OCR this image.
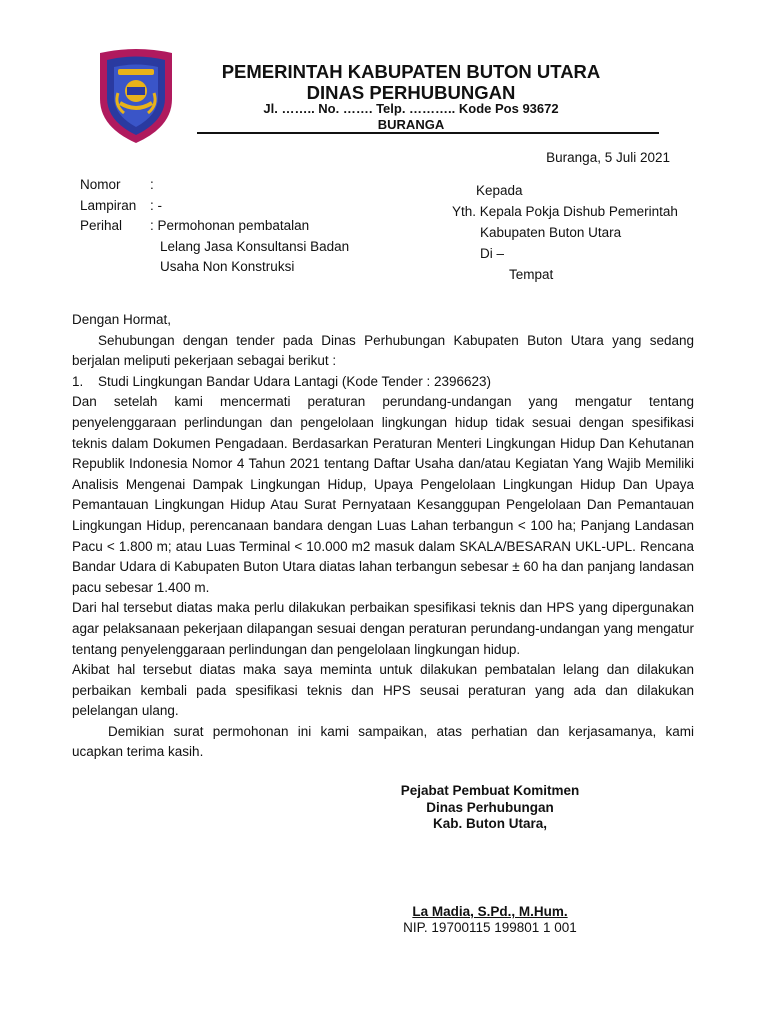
PEMERINTAH KABUPATEN BUTON UTARA
DINAS PERHUBUNGAN
Jl. …….. No. ……. Telp. ……….. Kode Pos 93672
BURANGA
Buranga, 5 Juli 2021
Nomor	:
Lampiran	: -
Perihal	: Permohonan pembatalan
Lelang Jasa Konsultansi Badan
Usaha Non Konstruksi
Kepada
Yth. Kepala Pokja Dishub Pemerintah
Kabupaten Buton Utara
Di –
Tempat

Dengan Hormat,

Sehubungan dengan tender pada Dinas Perhubungan Kabupaten Buton Utara yang sedang berjalan meliputi pekerjaan sebagai berikut :

1. Studi Lingkungan Bandar Udara Lantagi (Kode Tender : 2396623)

Dan setelah kami mencermati peraturan perundang-undangan yang mengatur tentang penyelenggaraan perlindungan dan pengelolaan lingkungan hidup tidak sesuai dengan spesifikasi teknis dalam Dokumen Pengadaan. Berdasarkan Peraturan Menteri Lingkungan Hidup Dan Kehutanan Republik Indonesia Nomor 4 Tahun 2021 tentang Daftar Usaha dan/atau Kegiatan Yang Wajib Memiliki Analisis Mengenai Dampak Lingkungan Hidup, Upaya Pengelolaan Lingkungan Hidup Dan Upaya Pemantauan Lingkungan Hidup Atau Surat Pernyataan Kesanggupan Pengelolaan Dan Pemantauan Lingkungan Hidup, perencanaan bandara dengan Luas Lahan terbangun < 100 ha; Panjang Landasan Pacu < 1.800 m; atau Luas Terminal < 10.000 m2 masuk dalam SKALA/BESARAN UKL-UPL. Rencana Bandar Udara di Kabupaten Buton Utara diatas lahan terbangun sebesar ± 60 ha dan panjang landasan pacu sebesar 1.400 m.

Dari hal tersebut diatas maka perlu dilakukan perbaikan spesifikasi teknis dan HPS yang dipergunakan agar pelaksanaan pekerjaan dilapangan sesuai dengan peraturan perundang-undangan yang mengatur tentang penyelenggaraan perlindungan dan pengelolaan lingkungan hidup.

Akibat hal tersebut diatas maka saya meminta untuk dilakukan pembatalan lelang dan dilakukan perbaikan kembali pada spesifikasi teknis dan HPS seusai peraturan yang ada dan dilakukan pelelangan ulang.

Demikian surat permohonan ini kami sampaikan, atas perhatian dan kerjasamanya, kami ucapkan terima kasih.

Pejabat Pembuat Komitmen
Dinas Perhubungan
Kab. Buton Utara,
La Madia, S.Pd., M.Hum.
NIP. 19700115 199801 1 001
